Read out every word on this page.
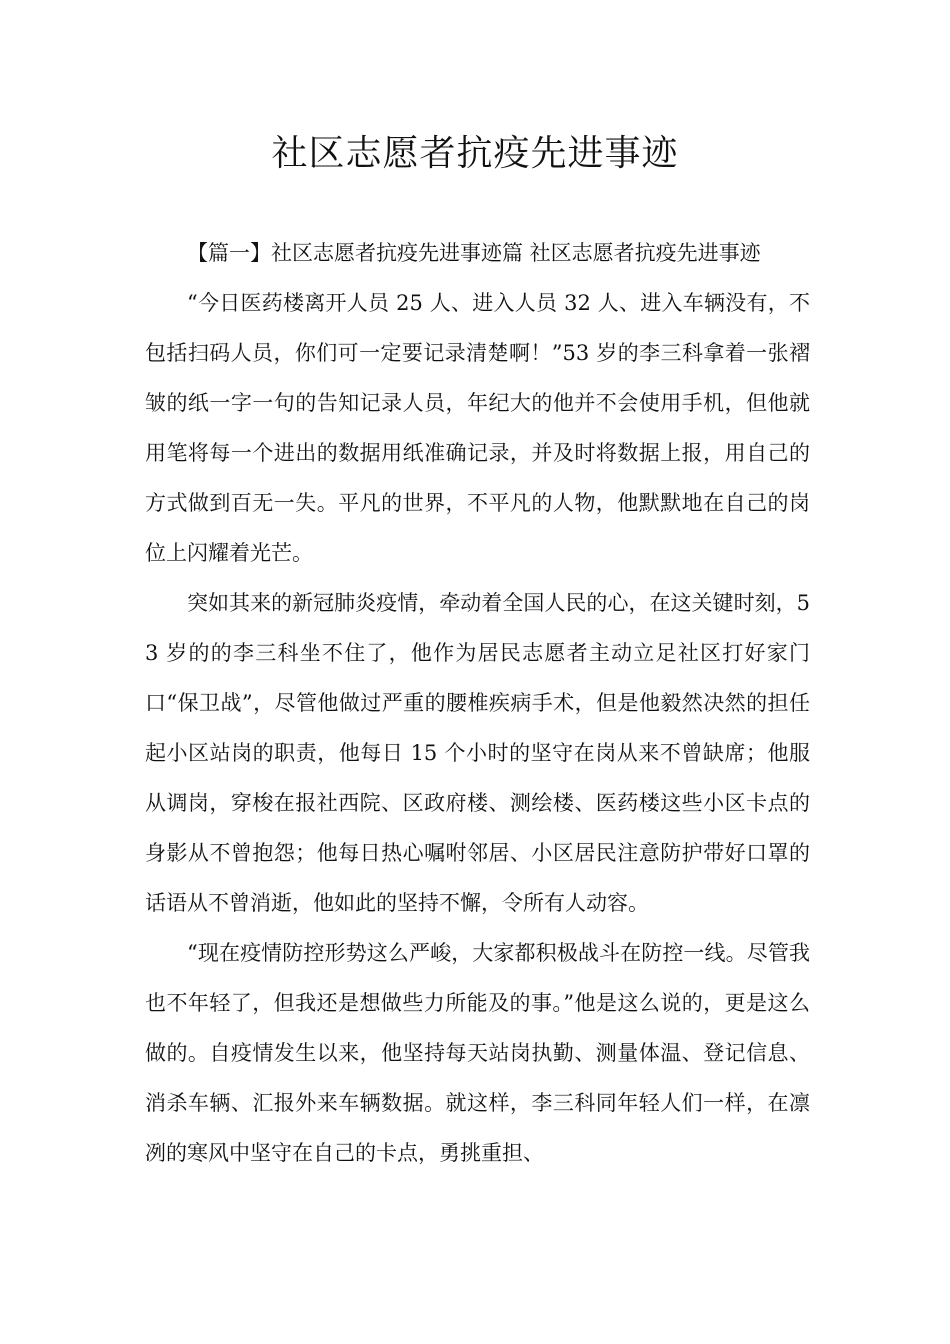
社区志愿者抗疫先进事迹

【篇一】社区志愿者抗疫先进事迹篇 社区志愿者抗疫先进事迹

“今日医药楼离开人员 25 人、进入人员 32 人、进入车辆没有，不包括扫码人员，你们可一定要记录清楚啊！”53 岁的李三科拿着一张褶皱的纸一字一句的告知记录人员，年纪大的他并不会使用手机，但他就用笔将每一个进出的数据用纸准确记录，并及时将数据上报，用自己的方式做到百无一失。平凡的世界，不平凡的人物，他默默地在自己的岗位上闪耀着光芒。

突如其来的新冠肺炎疫情，牵动着全国人民的心，在这关键时刻，53 岁的的李三科坐不住了，他作为居民志愿者主动立足社区打好家门口“保卫战”，尽管他做过严重的腰椎疾病手术，但是他毅然决然的担任起小区站岗的职责，他每日 15 个小时的坚守在岗从来不曾缺席；他服从调岗，穿梭在报社西院、区政府楼、测绘楼、医药楼这些小区卡点的身影从不曾抱怨；他每日热心嘱咐邻居、小区居民注意防护带好口罩的话语从不曾消逝，他如此的坚持不懈，令所有人动容。

“现在疫情防控形势这么严峻，大家都积极战斗在防控一线。尽管我也不年轻了，但我还是想做些力所能及的事。”他是这么说的，更是这么做的。自疫情发生以来，他坚持每天站岗执勤、测量体温、登记信息、消杀车辆、汇报外来车辆数据。就这样，李三科同年轻人们一样，在凛冽的寒风中坚守在自己的卡点，勇挑重担、
